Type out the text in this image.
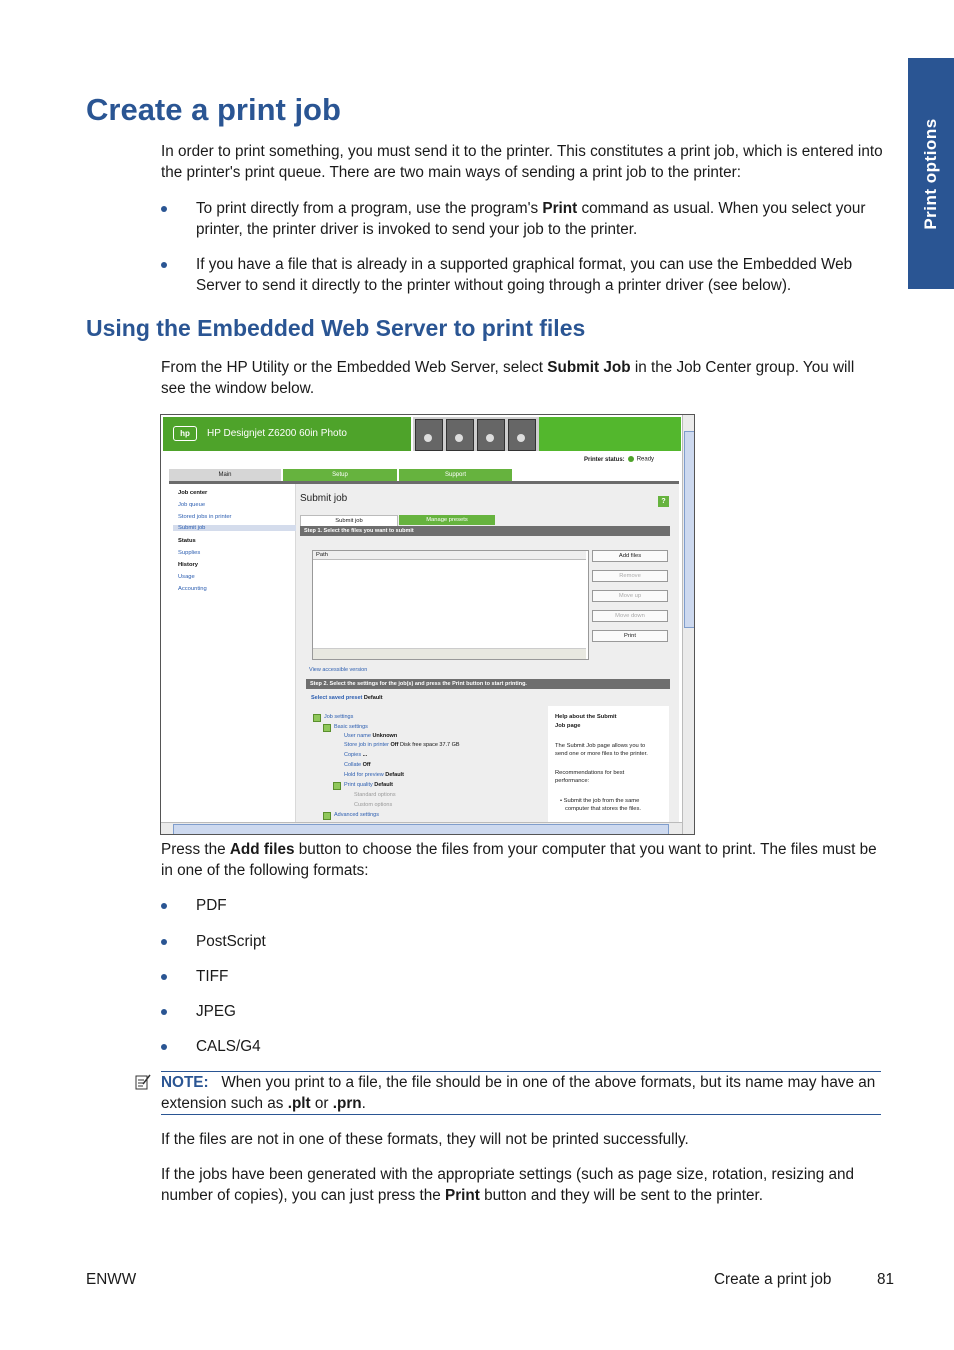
Print options
Create a print job

In order to print something, you must send it to the printer. This constitutes a print job, which is entered into the printer's print queue. There are two main ways of sending a print job to the printer:

To print directly from a program, use the program's Print command as usual. When you select your printer, the printer driver is invoked to send your job to the printer.
If you have a file that is already in a supported graphical format, you can use the Embedded Web Server to send it directly to the printer without going through a printer driver (see below).
Using the Embedded Web Server to print files

From the HP Utility or the Embedded Web Server, select Submit Job in the Job Center group. You will see the window below.

hp	HP Designjet Z6200 60in Photo
Printer status: Ready
Main	Setup	Support
Job center
Job queue
Stored jobs in printer
Submit job
Status
Supplies
History
Usage
Accounting
Submit job	?
Submit job	Manage presets
Step 1. Select the files you want to submit
Path	Add files
Remove
Move up
Move down
Print
View accessible version
Step 2. Select the settings for the job(s) and press the Print button to start printing.
Select saved preset Default
Job settings
Basic settings
User name Unknown
Store job in printer Off Disk free space 37.7 GB
Copies ...
Collate Off
Hold for preview Default
Print quality Default
Standard options
Custom options
Advanced settings
Help about the Submit
Job page
The Submit Job page allows you to
send one or more files to the printer.
Recommendations for best
performance:
• Submit the job from the same
computer that stores the files.

Press the Add files button to choose the files from your computer that you want to print. The files must be in one of the following formats:

PDF
PostScript
TIFF
JPEG
CALS/G4
NOTE: When you print to a file, the file should be in one of the above formats, but its name may have an extension such as .plt or .prn.

If the files are not in one of these formats, they will not be printed successfully.

If the jobs have been generated with the appropriate settings (such as page size, rotation, resizing and number of copies), you can just press the Print button and they will be sent to the printer.

ENWW	Create a print job	81
